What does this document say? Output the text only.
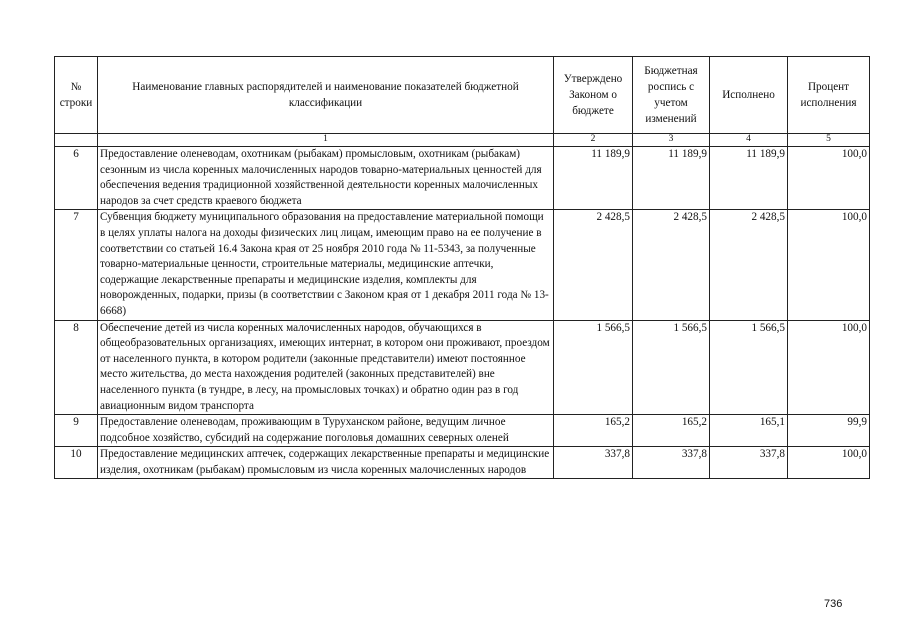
№ строки	Наименование главных распорядителей и наименование показателей бюджетной классификации	Утверждено Законом о бюджете	Бюджетная роспись с учетом изменений	Исполнено	Процент исполнения
	1	2	3	4	5
6	Предоставление оленеводам, охотникам (рыбакам) промысловым, охотникам (рыбакам) сезонным из числа коренных малочисленных народов товарно-материальных ценностей для обеспечения ведения традиционной хозяйственной деятельности коренных малочисленных народов за счет средств краевого бюджета	11 189,9	11 189,9	11 189,9	100,0
7	Субвенция бюджету муниципального образования на предоставление материальной помощи в целях уплаты налога на доходы физических лиц лицам, имеющим право на ее получение в соответствии со статьей 16.4 Закона края от 25 ноября 2010 года № 11-5343, за полученные товарно-материальные ценности, строительные материалы, медицинские аптечки, содержащие лекарственные препараты и медицинские изделия, комплекты для новорожденных, подарки, призы (в соответствии с Законом края от 1 декабря 2011 года № 13-6668)	2 428,5	2 428,5	2 428,5	100,0
8	Обеспечение детей из числа коренных малочисленных народов, обучающихся в общеобразовательных организациях, имеющих интернат, в котором они проживают, проездом от населенного пункта, в котором родители (законные представители) имеют постоянное место жительства, до места нахождения родителей (законных представителей) вне населенного пункта (в тундре, в лесу, на промысловых точках) и обратно один раз в год авиационным видом транспорта	1 566,5	1 566,5	1 566,5	100,0
9	Предоставление оленеводам, проживающим в Туруханском районе, ведущим личное подсобное хозяйство, субсидий на содержание поголовья домашних северных оленей	165,2	165,2	165,1	99,9
10	Предоставление медицинских аптечек, содержащих лекарственные препараты и медицинские изделия, охотникам (рыбакам) промысловым из числа коренных малочисленных народов	337,8	337,8	337,8	100,0
736
